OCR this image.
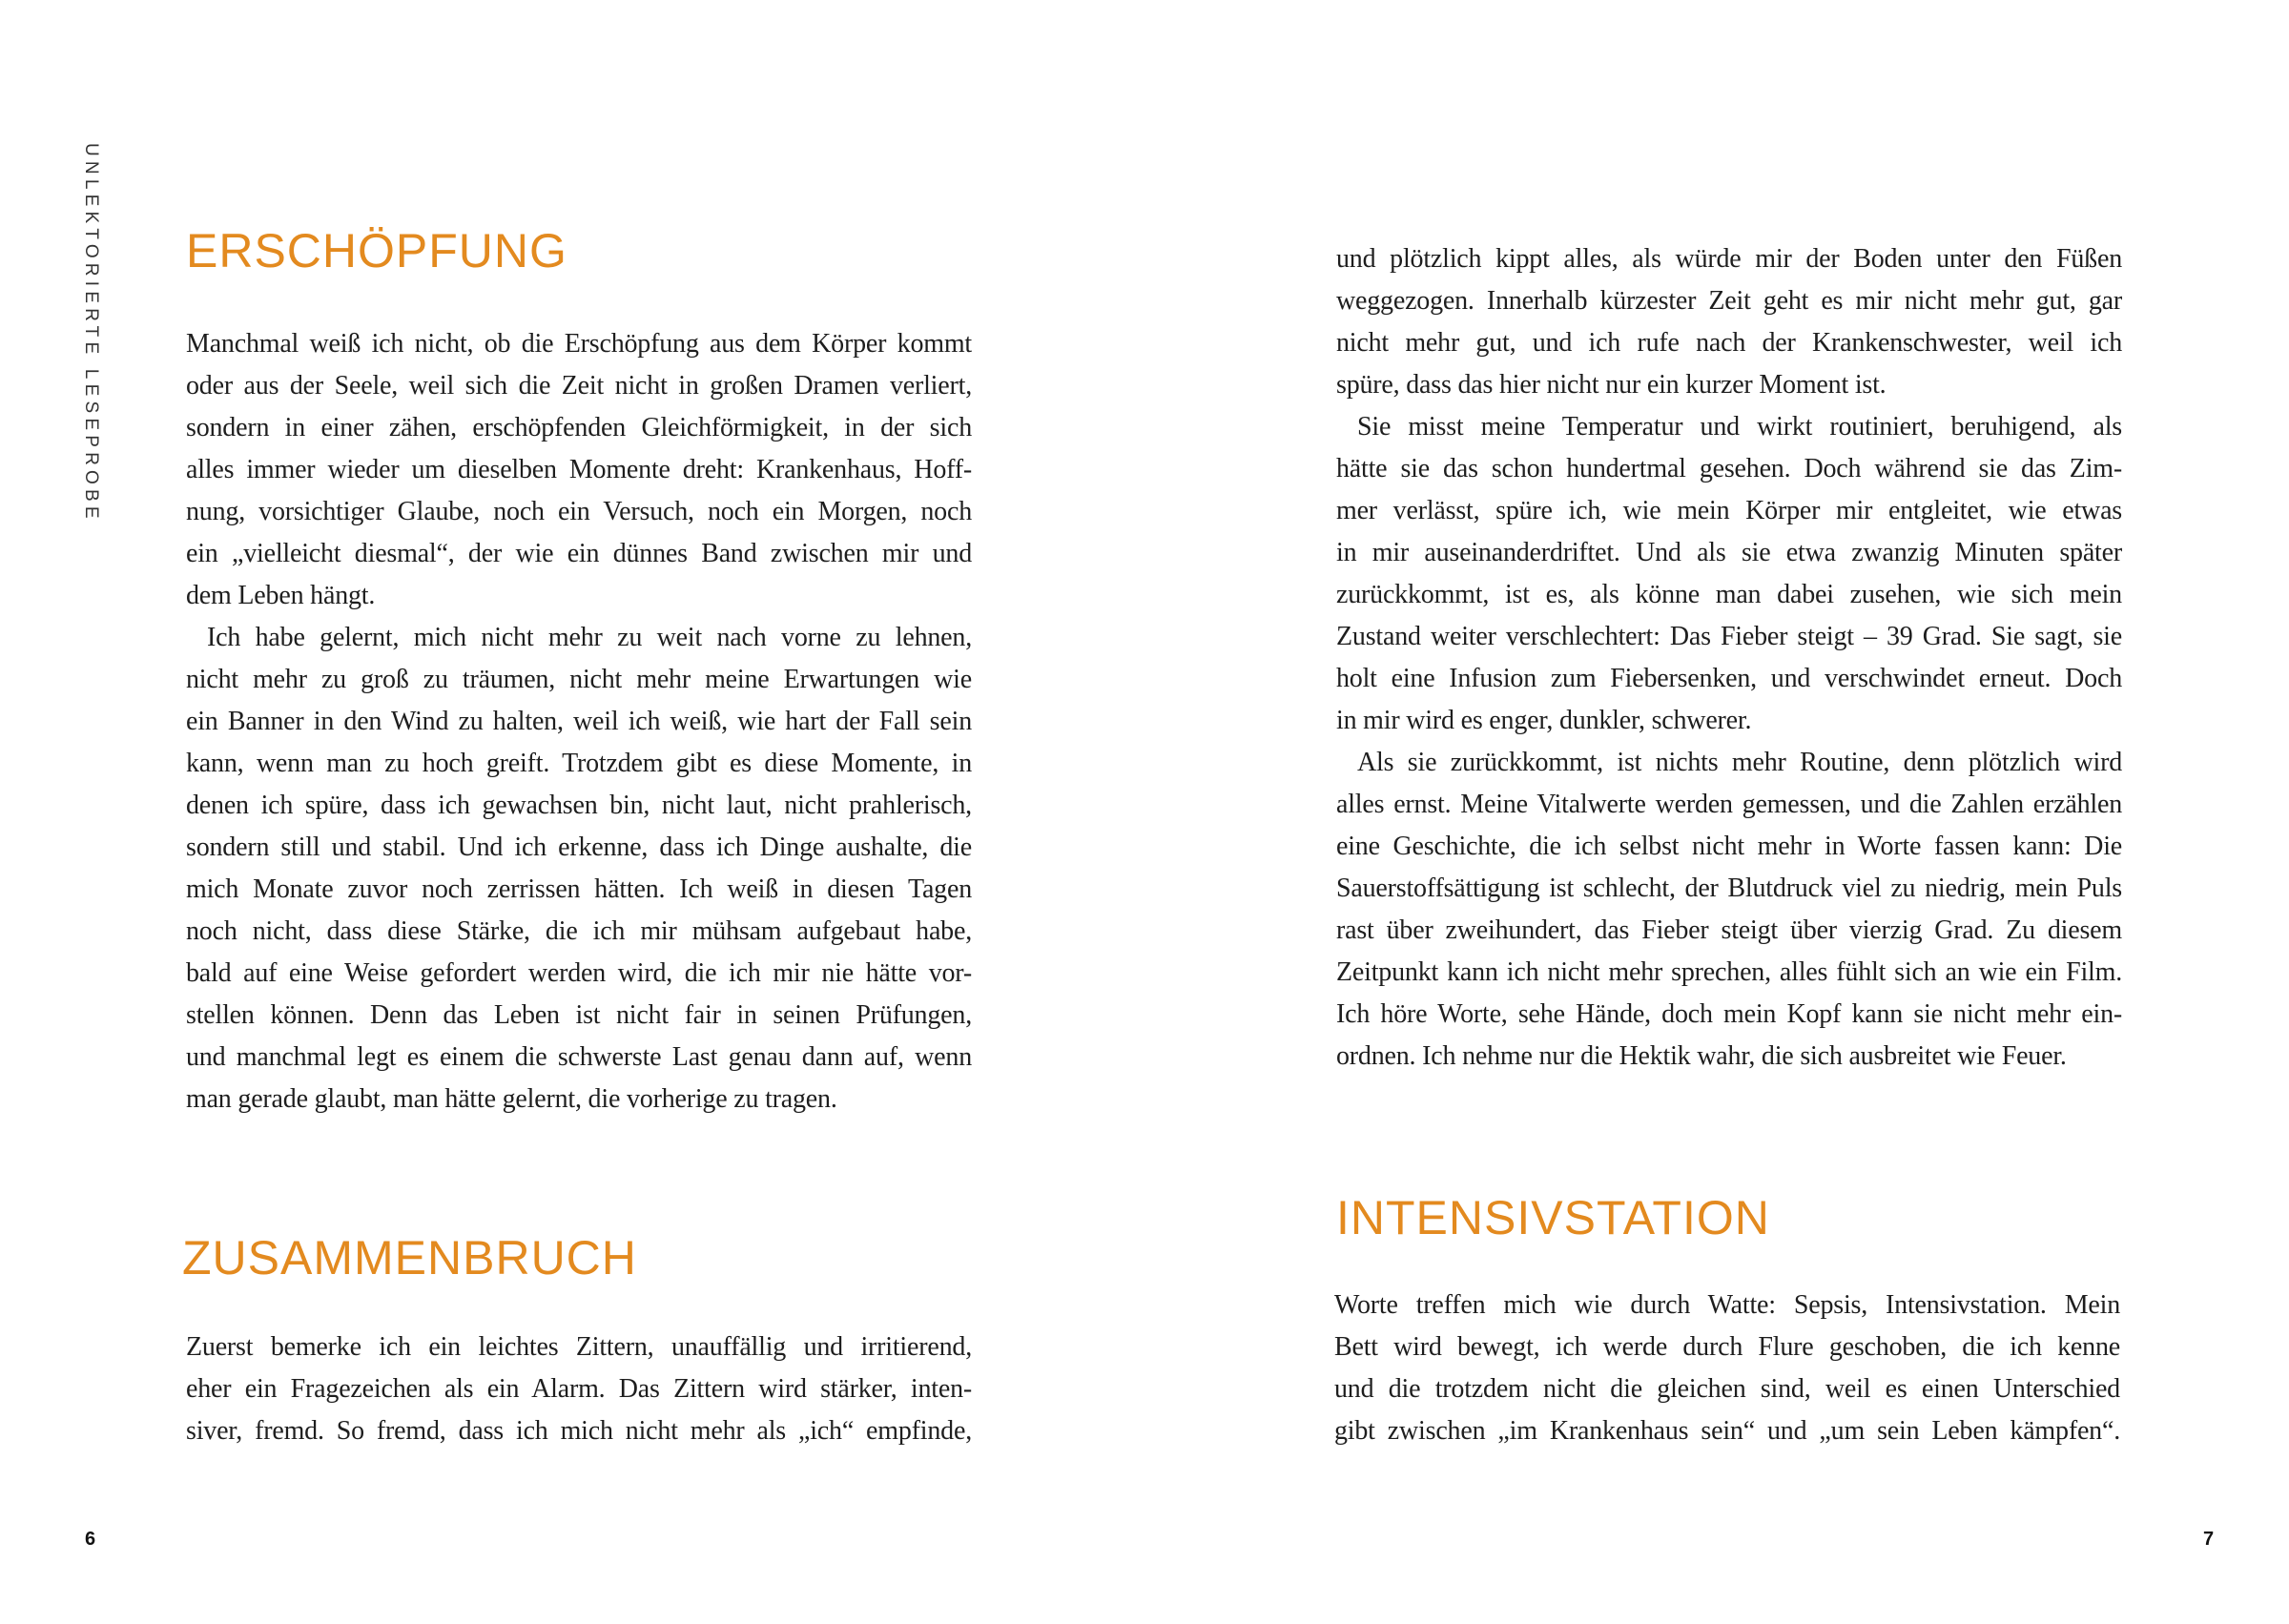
UNLEKTORIERTE LESEPROBE ERSCHÖPFUNG
Manchmal weiß ich nicht, ob die Erschöpfung aus dem Körper kommt
oder aus der Seele, weil sich die Zeit nicht in großen Dramen verliert,
sondern in einer zähen, erschöpfenden Gleichförmigkeit, in der sich
alles immer wieder um dieselben Momente dreht: Krankenhaus, Hoff-
nung, vorsichtiger Glaube, noch ein Versuch, noch ein Morgen, noch
ein „vielleicht diesmal“, der wie ein dünnes Band zwischen mir und
dem Leben hängt.
Ich habe gelernt, mich nicht mehr zu weit nach vorne zu lehnen,
nicht mehr zu groß zu träumen, nicht mehr meine Erwartungen wie
ein Banner in den Wind zu halten, weil ich weiß, wie hart der Fall sein
kann, wenn man zu hoch greift. Trotzdem gibt es diese Momente, in
denen ich spüre, dass ich gewachsen bin, nicht laut, nicht prahlerisch,
sondern still und stabil. Und ich erkenne, dass ich Dinge aushalte, die
mich Monate zuvor noch zerrissen hätten. Ich weiß in diesen Tagen
noch nicht, dass diese Stärke, die ich mir mühsam aufgebaut habe,
bald auf eine Weise gefordert werden wird, die ich mir nie hätte vor-
stellen können. Denn das Leben ist nicht fair in seinen Prüfungen,
und manchmal legt es einem die schwerste Last genau dann auf, wenn
man gerade glaubt, man hätte gelernt, die vorherige zu tragen.
ZUSAMMENBRUCH
Zuerst bemerke ich ein leichtes Zittern, unauffällig und irritierend,
eher ein Fragezeichen als ein Alarm. Das Zittern wird stärker, inten-
siver, fremd. So fremd, dass ich mich nicht mehr als „ich“ empfinde,
und plötzlich kippt alles, als würde mir der Boden unter den Füßen
weggezogen. Innerhalb kürzester Zeit geht es mir nicht mehr gut, gar
nicht mehr gut, und ich rufe nach der Krankenschwester, weil ich
spüre, dass das hier nicht nur ein kurzer Moment ist.
Sie misst meine Temperatur und wirkt routiniert, beruhigend, als
hätte sie das schon hundertmal gesehen. Doch während sie das Zim-
mer verlässt, spüre ich, wie mein Körper mir entgleitet, wie etwas
in mir auseinanderdriftet. Und als sie etwa zwanzig Minuten später
zurückkommt, ist es, als könne man dabei zusehen, wie sich mein
Zustand weiter verschlechtert: Das Fieber steigt – 39 Grad. Sie sagt, sie
holt eine Infusion zum Fiebersenken, und verschwindet erneut. Doch
in mir wird es enger, dunkler, schwerer.
Als sie zurückkommt, ist nichts mehr Routine, denn plötzlich wird
alles ernst. Meine Vitalwerte werden gemessen, und die Zahlen erzählen
eine Geschichte, die ich selbst nicht mehr in Worte fassen kann: Die
Sauerstoffsättigung ist schlecht, der Blutdruck viel zu niedrig, mein Puls
rast über zweihundert, das Fieber steigt über vierzig Grad. Zu diesem
Zeitpunkt kann ich nicht mehr sprechen, alles fühlt sich an wie ein Film.
Ich höre Worte, sehe Hände, doch mein Kopf kann sie nicht mehr ein-
ordnen. Ich nehme nur die Hektik wahr, die sich ausbreitet wie Feuer.
INTENSIVSTATION
Worte treffen mich wie durch Watte: Sepsis, Intensivstation. Mein
Bett wird bewegt, ich werde durch Flure geschoben, die ich kenne
und die trotzdem nicht die gleichen sind, weil es einen Unterschied
gibt zwischen „im Krankenhaus sein“ und „um sein Leben kämpfen“.
6	7
